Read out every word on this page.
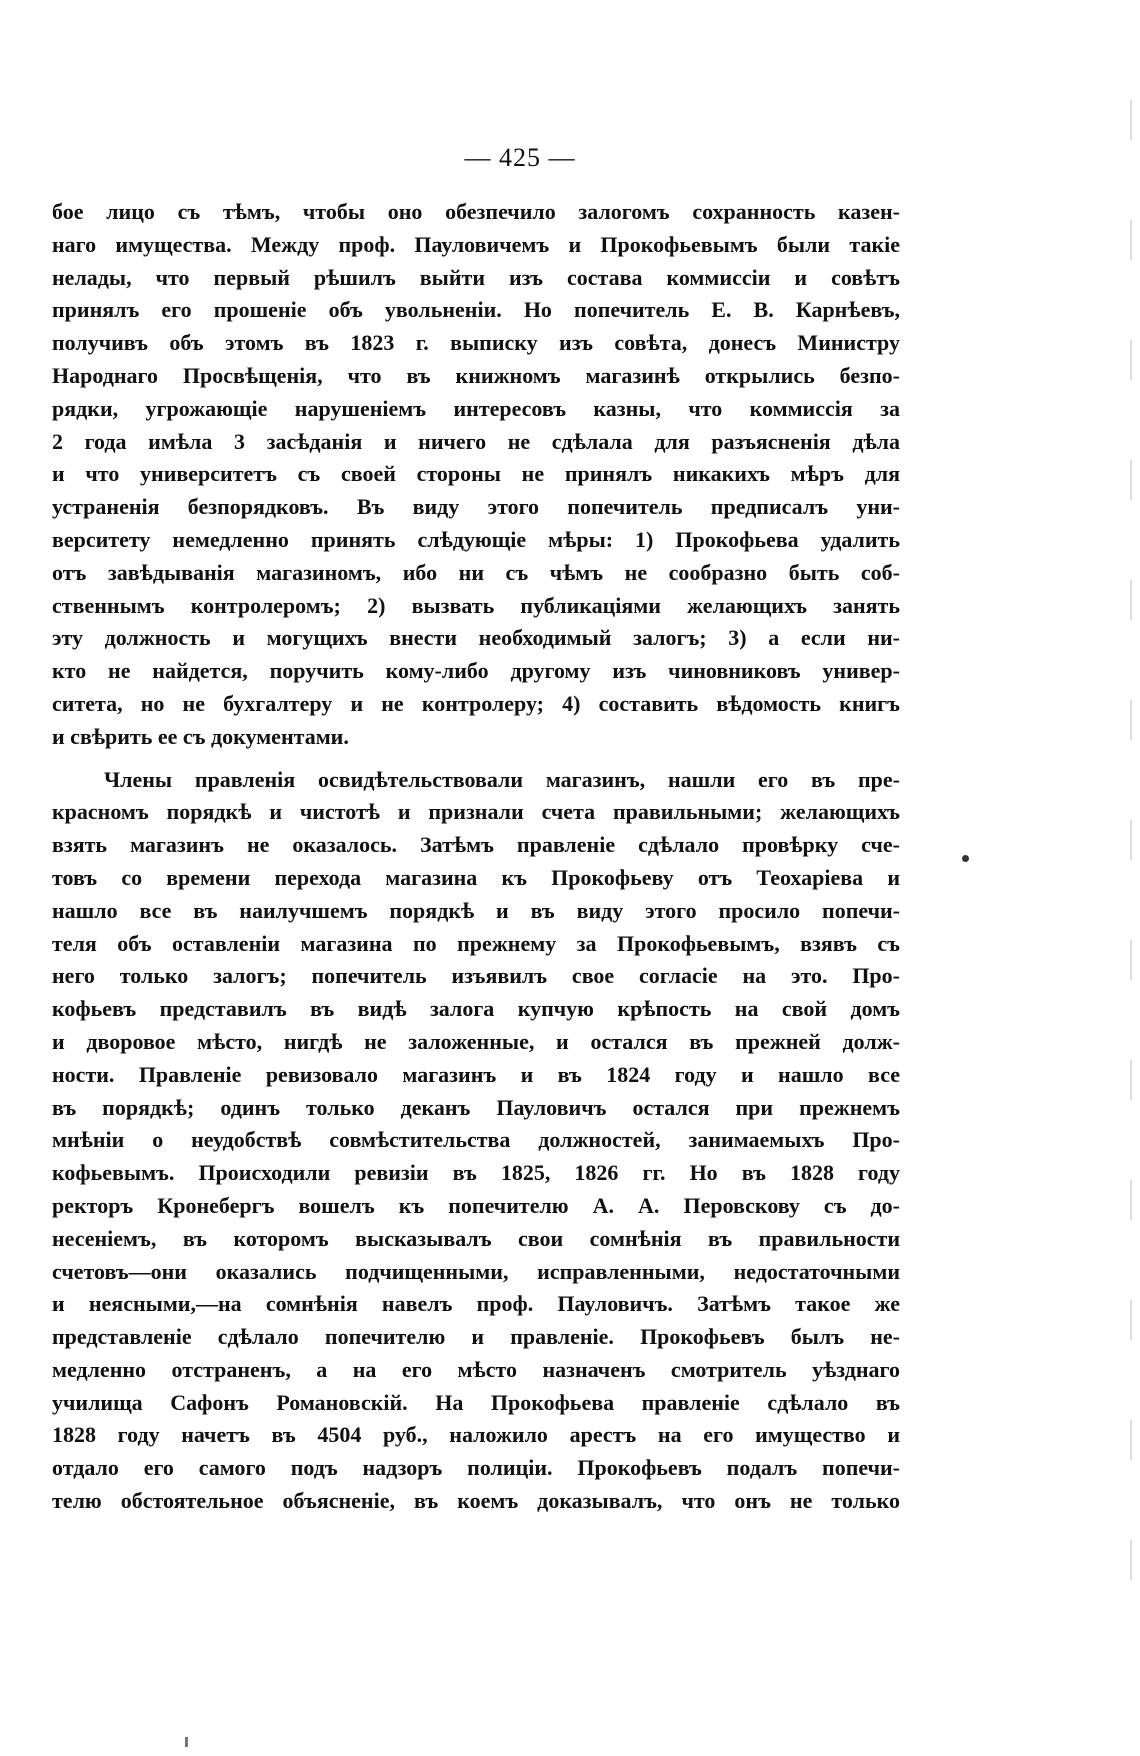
— 425 —
бое лицо съ тѣмъ, чтобы оно обезпечило залогомъ сохранность казен-
наго имущества. Между проф. Пауловичемъ и Прокофьевымъ были такіе
нелады, что первый рѣшилъ выйти изъ состава коммиссіи и совѣтъ
принялъ его прошеніе объ увольненіи. Но попечитель Е. В. Карнѣевъ,
получивъ объ этомъ въ 1823 г. выписку изъ совѣта, донесъ Министру
Народнаго Просвѣщенія, что въ книжномъ магазинѣ открылись безпо-
рядки, угрожающіе нарушеніемъ интересовъ казны, что коммиссія за
2 года имѣла 3 засѣданія и ничего не сдѣлала для разъясненія дѣла
и что университетъ съ своей стороны не принялъ никакихъ мѣръ для
устраненія безпорядковъ. Въ виду этого попечитель предписалъ уни-
верситету немедленно принять слѣдующіе мѣры: 1) Прокофьева удалить
отъ завѣдыванія магазиномъ, ибо ни съ чѣмъ не сообразно быть соб-
ственнымъ контролеромъ; 2) вызвать публикаціями желающихъ занять
эту должность и могущихъ внести необходимый залогъ; 3) а если ни-
кто не найдется, поручить кому-либо другому изъ чиновниковъ универ-
ситета, но не бухгалтеру и не контролеру; 4) составить вѣдомость книгъ
и свѣрить ее съ документами.
Члены правленія освидѣтельствовали магазинъ, нашли его въ пре-
красномъ порядкѣ и чистотѣ и признали счета правильными; желающихъ
взять магазинъ не оказалось. Затѣмъ правленіе сдѣлало провѣрку сче-
товъ со времени перехода магазина къ Прокофьеву отъ Теохаріева и
нашло все въ наилучшемъ порядкѣ и въ виду этого просило попечи-
теля объ оставленіи магазина по прежнему за Прокофьевымъ, взявъ съ
него только залогъ; попечитель изъявилъ свое согласіе на это. Про-
кофьевъ представилъ въ видѣ залога купчую крѣпость на свой домъ
и дворовое мѣсто, нигдѣ не заложенные, и остался въ прежней долж-
ности. Правленіе ревизовало магазинъ и въ 1824 году и нашло все
въ порядкѣ; одинъ только деканъ Пауловичъ остался при прежнемъ
мнѣніи о неудобствѣ совмѣстительства должностей, занимаемыхъ Про-
кофьевымъ. Происходили ревизіи въ 1825, 1826 гг. Но въ 1828 году
ректоръ Кронебергъ вошелъ къ попечителю А. А. Перовскову съ до-
несеніемъ, въ которомъ высказывалъ свои сомнѣнія въ правильности
счетовъ—они оказались подчищенными, исправленными, недостаточными
и неясными,—на сомнѣнія навелъ проф. Пауловичъ. Затѣмъ такое же
представленіе сдѣлало попечителю и правленіе. Прокофьевъ былъ не-
медленно отстраненъ, а на его мѣсто назначенъ смотритель уѣзднаго
училища Сафонъ Романовскій. На Прокофьева правленіе сдѣлало въ
1828 году начетъ въ 4504 руб., наложило арестъ на его имущество и
отдало его самого подъ надзоръ полиціи. Прокофьевъ подалъ попечи-
телю обстоятельное объясненіе, въ коемъ доказывалъ, что онъ не только
